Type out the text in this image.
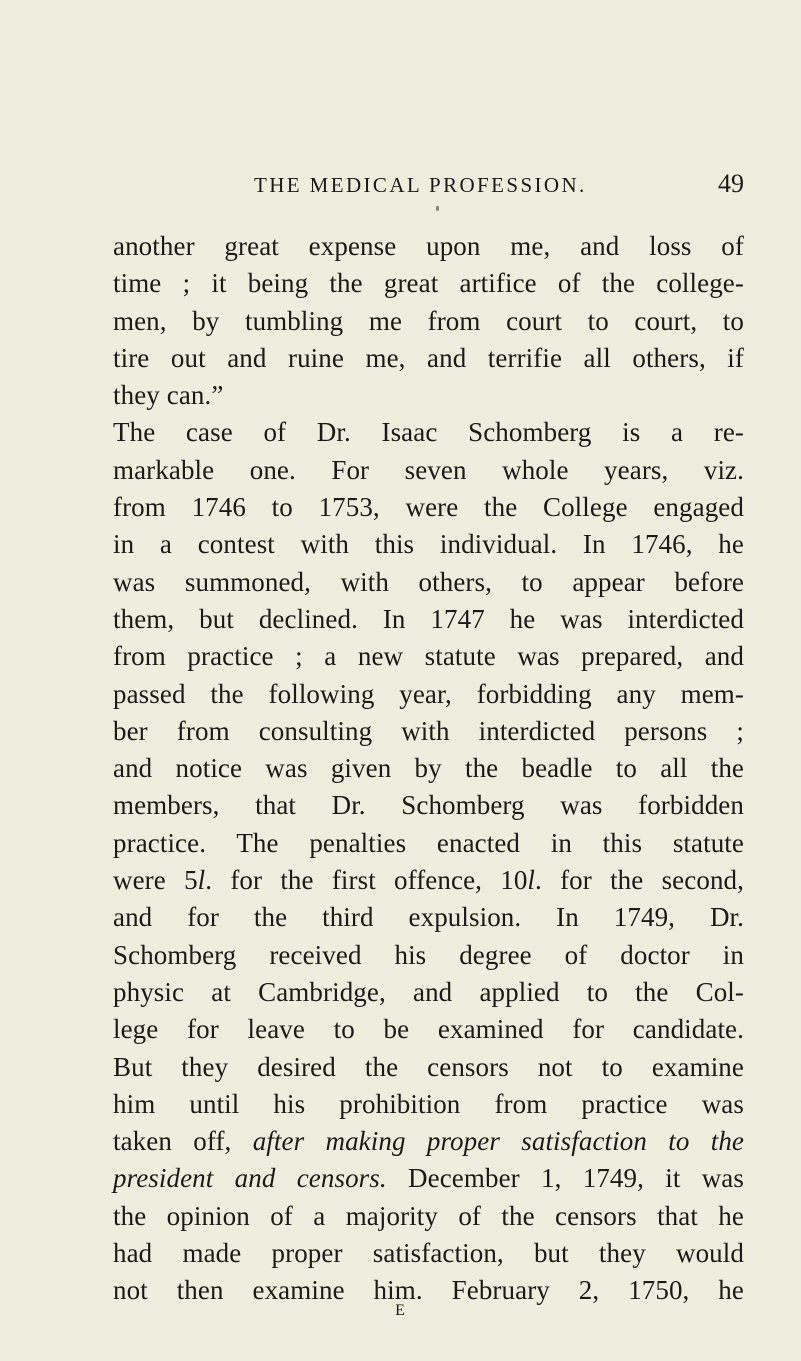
THE MEDICAL PROFESSION.	49
another great expense upon me, and loss of
time ; it being the great artifice of the college-
men, by tumbling me from court to court, to
tire out and ruine me, and terrifie all others, if
they can.”
The case of Dr. Isaac Schomberg is a re-
markable one. For seven whole years, viz.
from 1746 to 1753, were the College engaged
in a contest with this individual. In 1746, he
was summoned, with others, to appear before
them, but declined. In 1747 he was interdicted
from practice ; a new statute was prepared, and
passed the following year, forbidding any mem-
ber from consulting with interdicted persons ;
and notice was given by the beadle to all the
members, that Dr. Schomberg was forbidden
practice. The penalties enacted in this statute
were 5l. for the first offence, 10l. for the second,
and for the third expulsion. In 1749, Dr.
Schomberg received his degree of doctor in
physic at Cambridge, and applied to the Col-
lege for leave to be examined for candidate.
But they desired the censors not to examine
him until his prohibition from practice was
taken off, after making proper satisfaction to the
president and censors. December 1, 1749, it was
the opinion of a majority of the censors that he
had made proper satisfaction, but they would
not then examine him. February 2, 1750, he
E
